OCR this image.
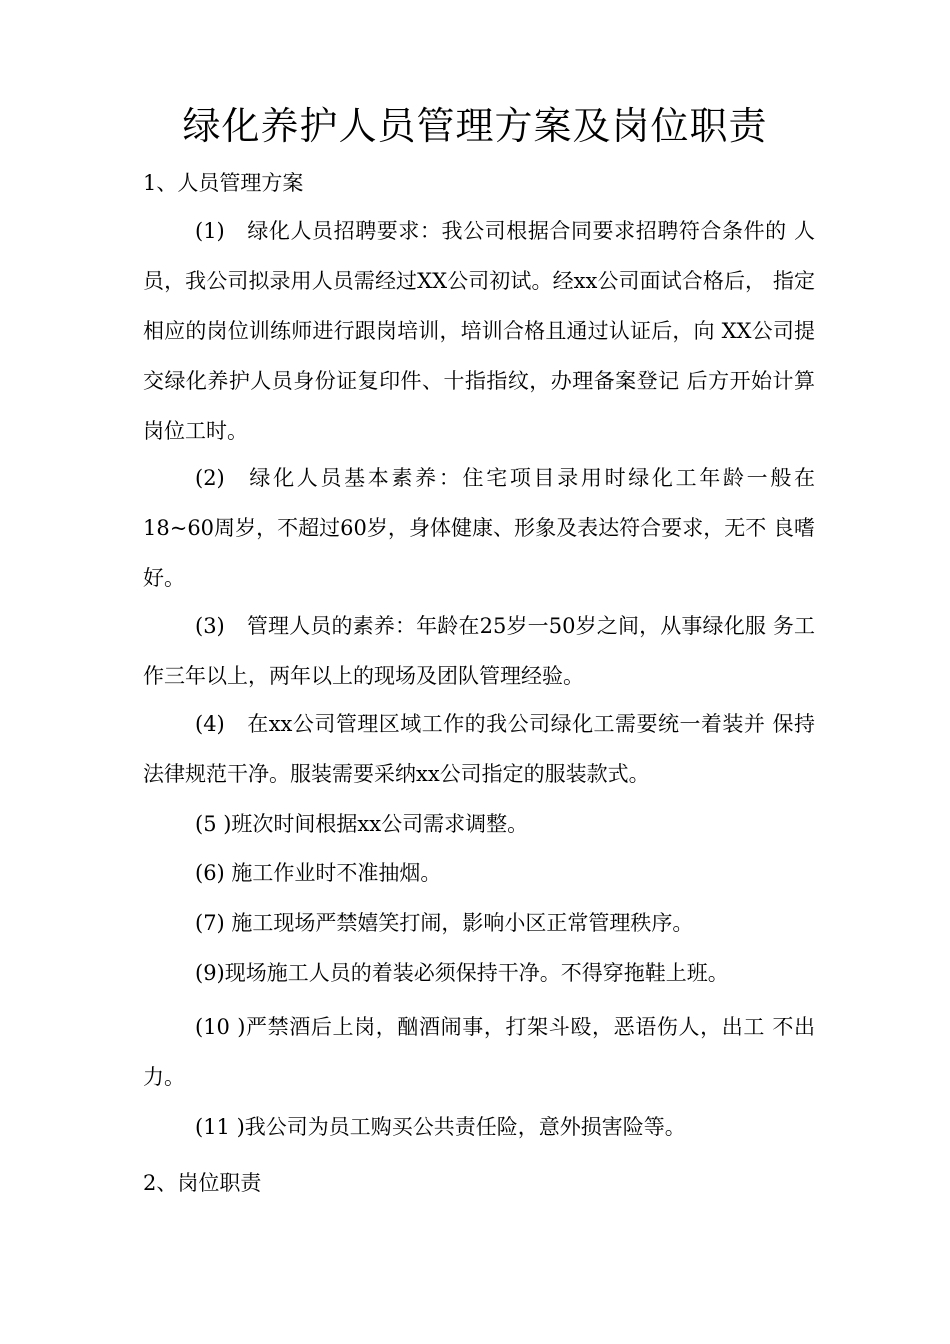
绿化养护人员管理方案及岗位职责
1、人员管理方案

(1) 绿化人员招聘要求：我公司根据合同要求招聘符合条件的 人员，我公司拟录用人员需经过XX公司初试。经xx公司面试合格后， 指定相应的岗位训练师进行跟岗培训，培训合格且通过认证后，向 XX公司提交绿化养护人员身份证复印件、十指指纹，办理备案登记 后方开始计算岗位工时。

(2) 绿化人员基本素养：住宅项目录用时绿化工年龄一般在18~60周岁，不超过60岁，身体健康、形象及表达符合要求，无不 良嗜好。

(3) 管理人员的素养：年龄在25岁一50岁之间，从事绿化服 务工作三年以上，两年以上的现场及团队管理经验。

(4) 在xx公司管理区域工作的我公司绿化工需要统一着装并 保持法律规范干净。服装需要采纳xx公司指定的服装款式。

(5 )班次时间根据xx公司需求调整。

(6) 施工作业时不准抽烟。

(7) 施工现场严禁嬉笑打闹，影响小区正常管理秩序。

(9)现场施工人员的着装必须保持干净。不得穿拖鞋上班。

(10 )严禁酒后上岗，酗酒闹事，打架斗殴，恶语伤人，出工 不出力。

(11 )我公司为员工购买公共责任险，意外损害险等。

2、岗位职责
